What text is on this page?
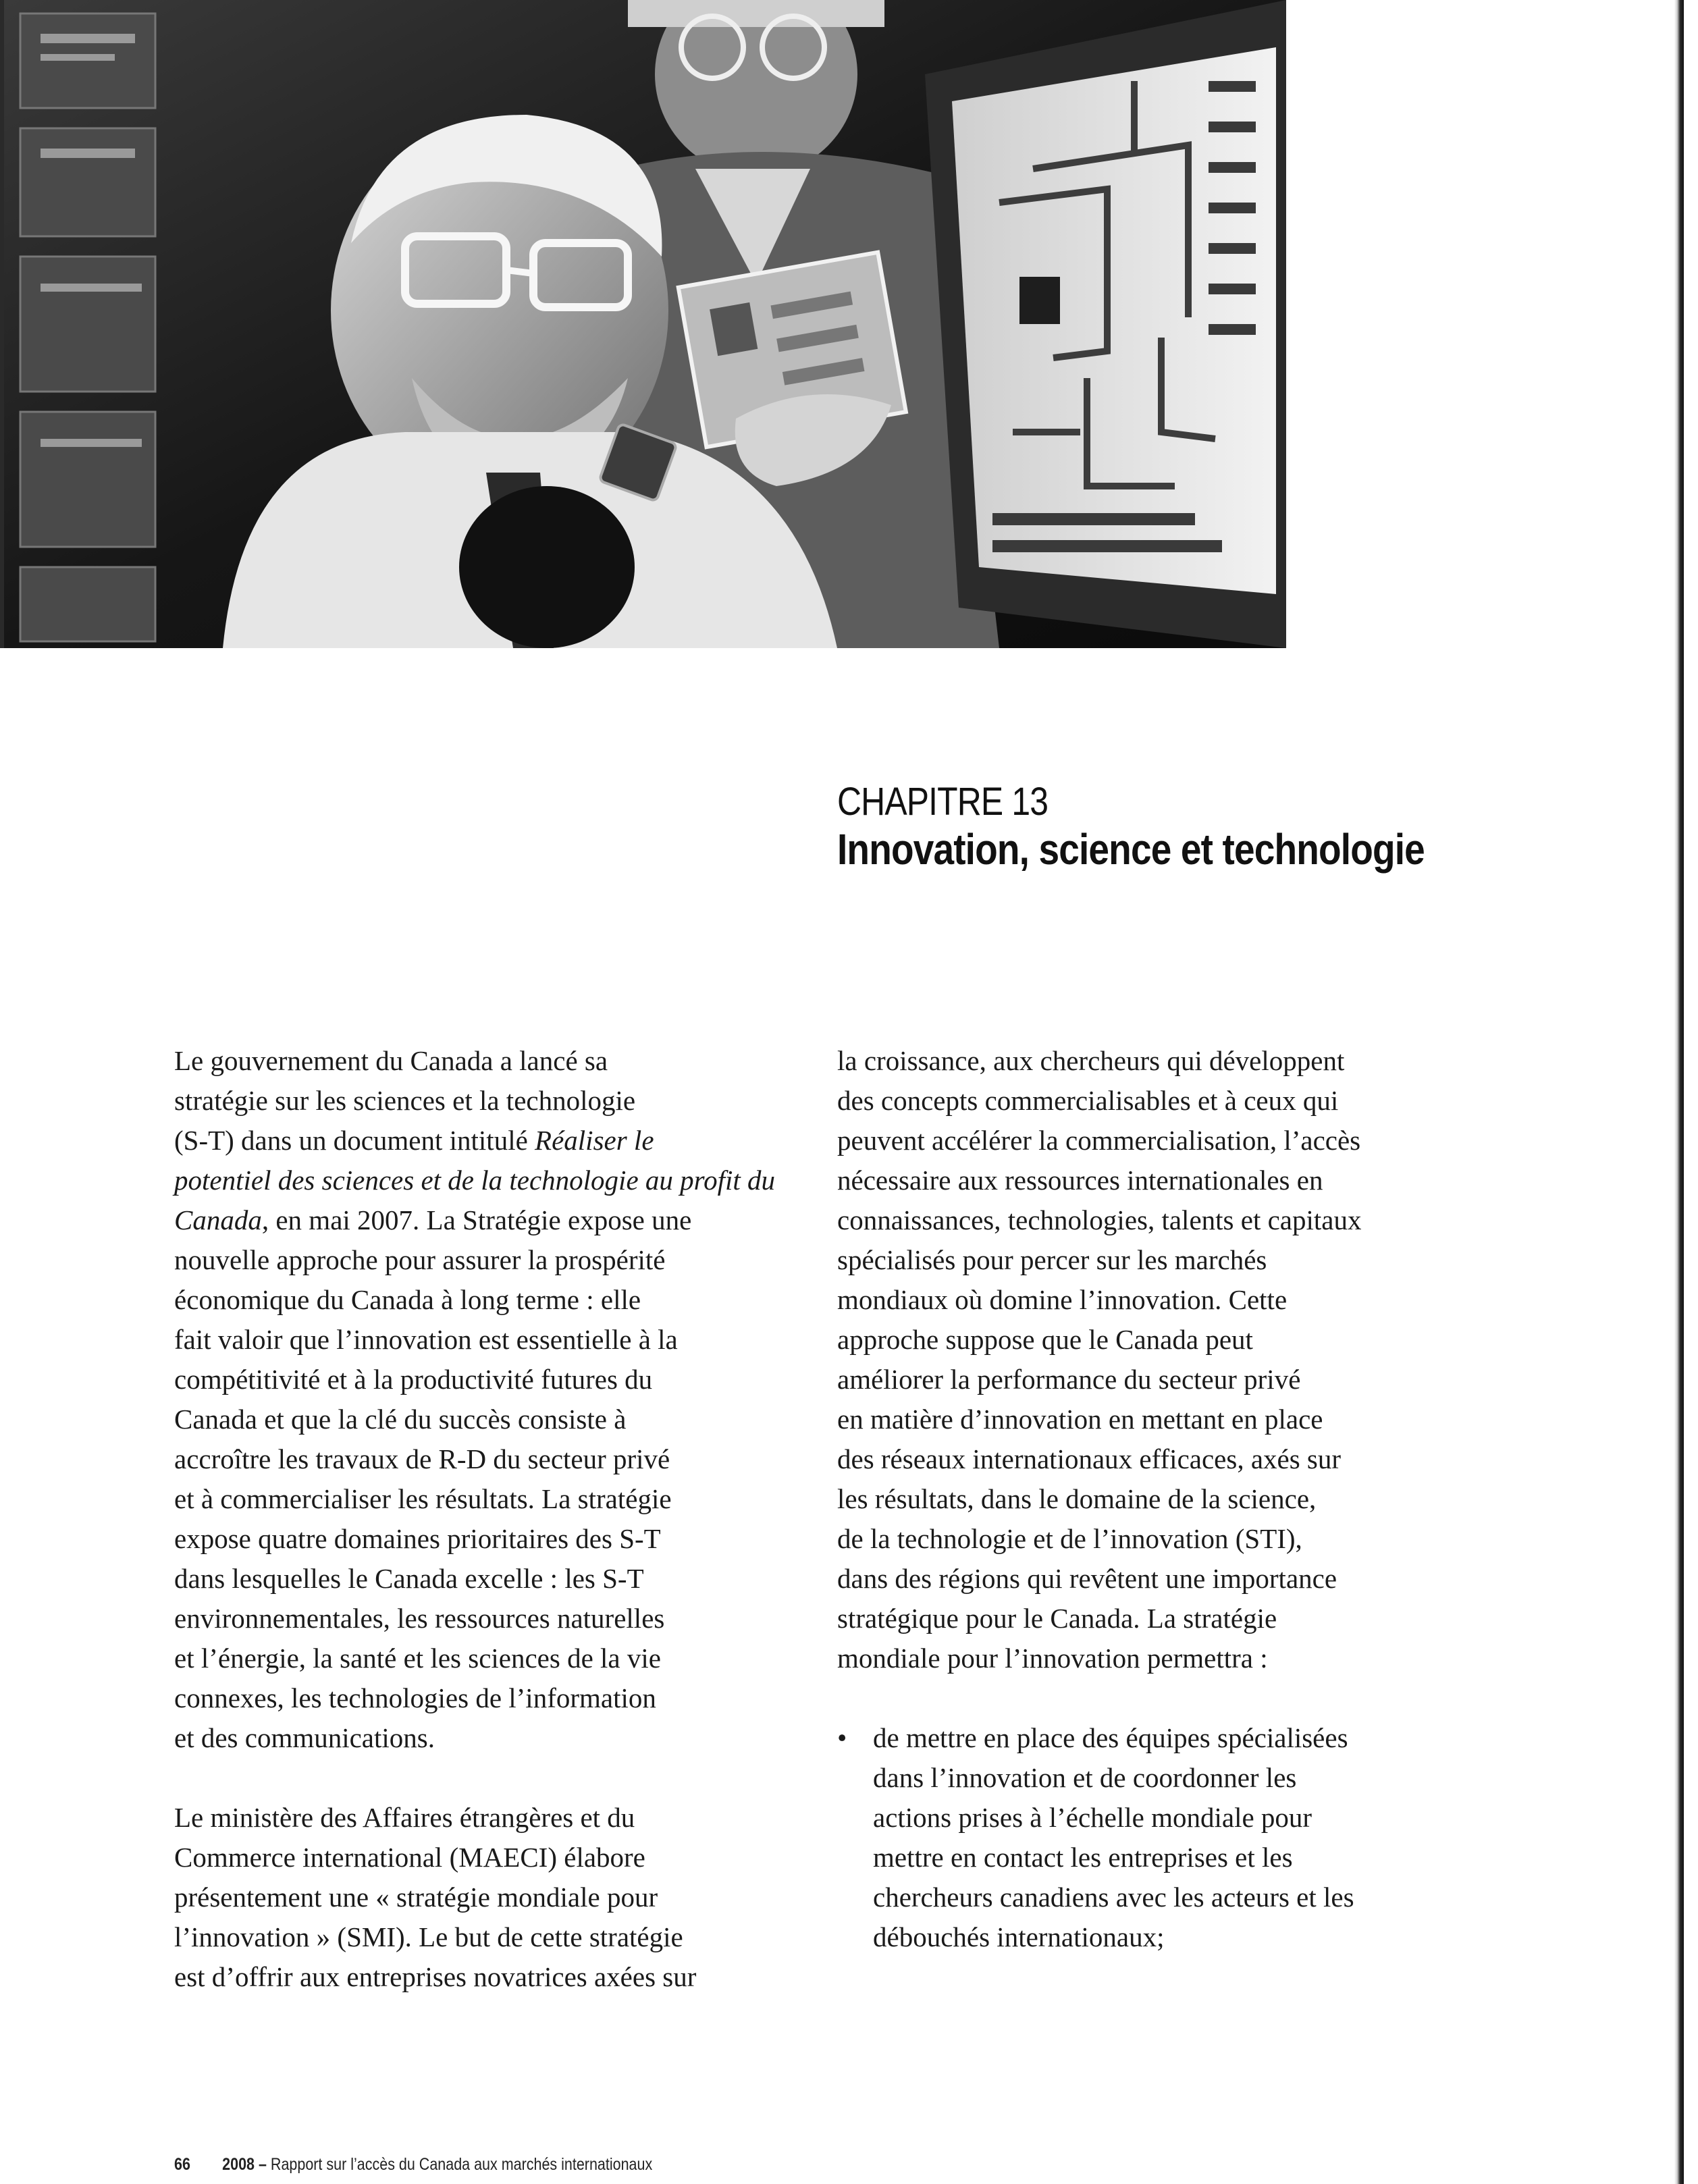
CHAPITRE 13
Innovation, science et technologie

Le gouvernement du Canada a lancé sa

stratégie sur les sciences et la technologie

(S-T) dans un document intitulé Réaliser le

potentiel des sciences et de la technologie au profit du

Canada, en mai 2007. La Stratégie expose une

nouvelle approche pour assurer la prospérité

économique du Canada à long terme : elle

fait valoir que l’innovation est essentielle à la

compétitivité et à la productivité futures du

Canada et que la clé du succès consiste à

accroître les travaux de R-D du secteur privé

et à commercialiser les résultats. La stratégie

expose quatre domaines prioritaires des S-T

dans lesquelles le Canada excelle : les S-T

environnementales, les ressources naturelles

et l’énergie, la santé et les sciences de la vie

connexes, les technologies de l’information

et des communications.

Le ministère des Affaires étrangères et du

Commerce international (MAECI) élabore

présentement une « stratégie mondiale pour

l’innovation » (SMI). Le but de cette stratégie

est d’offrir aux entreprises novatrices axées sur

la croissance, aux chercheurs qui développent

des concepts commercialisables et à ceux qui

peuvent accélérer la commercialisation, l’accès

nécessaire aux ressources internationales en

connaissances, technologies, talents et capitaux

spécialisés pour percer sur les marchés

mondiaux où domine l’innovation. Cette

approche suppose que le Canada peut

améliorer la performance du secteur privé

en matière d’innovation en mettant en place

des réseaux internationaux efficaces, axés sur

les résultats, dans le domaine de la science,

de la technologie et de l’innovation (STI),

dans des régions qui revêtent une importance

stratégique pour le Canada. La stratégie

mondiale pour l’innovation permettra :

• de mettre en place des équipes spécialisées

dans l’innovation et de coordonner les

actions prises à l’échelle mondiale pour

mettre en contact les entreprises et les

chercheurs canadiens avec les acteurs et les

débouchés internationaux;

66 2008 – Rapport sur l’accès du Canada aux marchés internationaux
